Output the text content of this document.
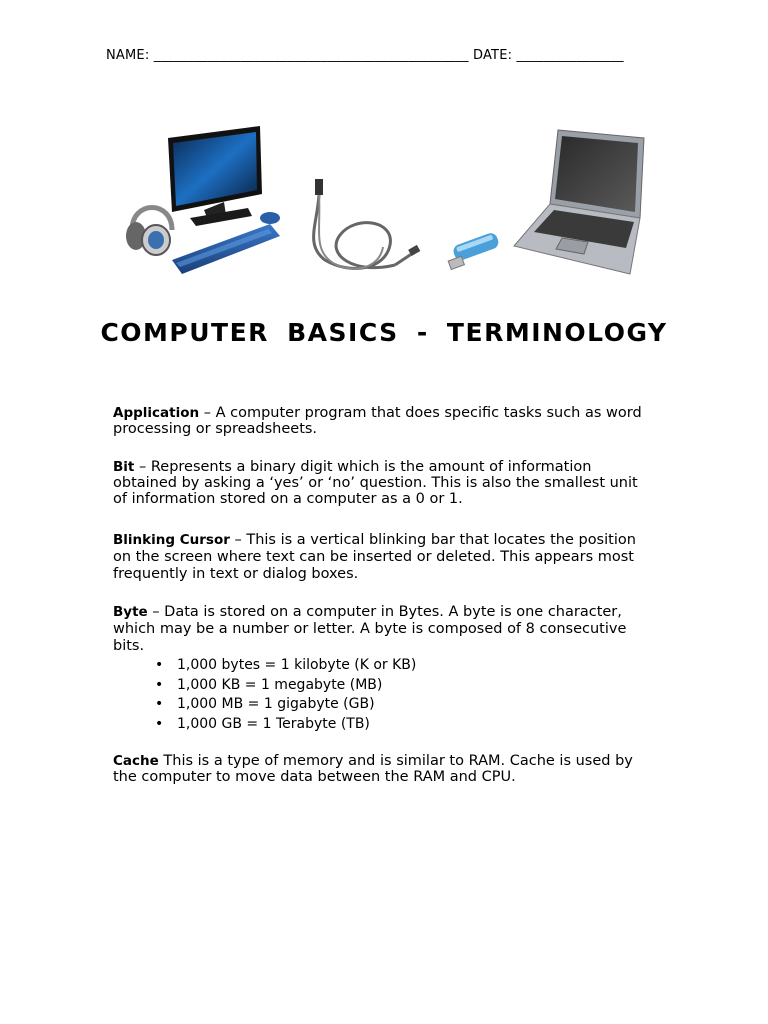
NAME: _______________________________________________ DATE: ________________
COMPUTER BASICS - TERMINOLOGY
Application – A computer program that does specific tasks such as word processing or spreadsheets.
Bit – Represents a binary digit which is the amount of information obtained by asking a ‘yes’ or ‘no’ question. This is also the smallest unit of information stored on a computer as a 0 or 1.
Blinking Cursor – This is a vertical blinking bar that locates the position on the screen where text can be inserted or deleted. This appears most frequently in text or dialog boxes.
Byte – Data is stored on a computer in Bytes. A byte is one character, which may be a number or letter. A byte is composed of 8 consecutive bits.
• 1,000 bytes = 1 kilobyte (K or KB)
• 1,000 KB = 1 megabyte (MB)
• 1,000 MB = 1 gigabyte (GB)
• 1,000 GB = 1 Terabyte (TB)
Cache This is a type of memory and is similar to RAM. Cache is used by the computer to move data between the RAM and CPU.
